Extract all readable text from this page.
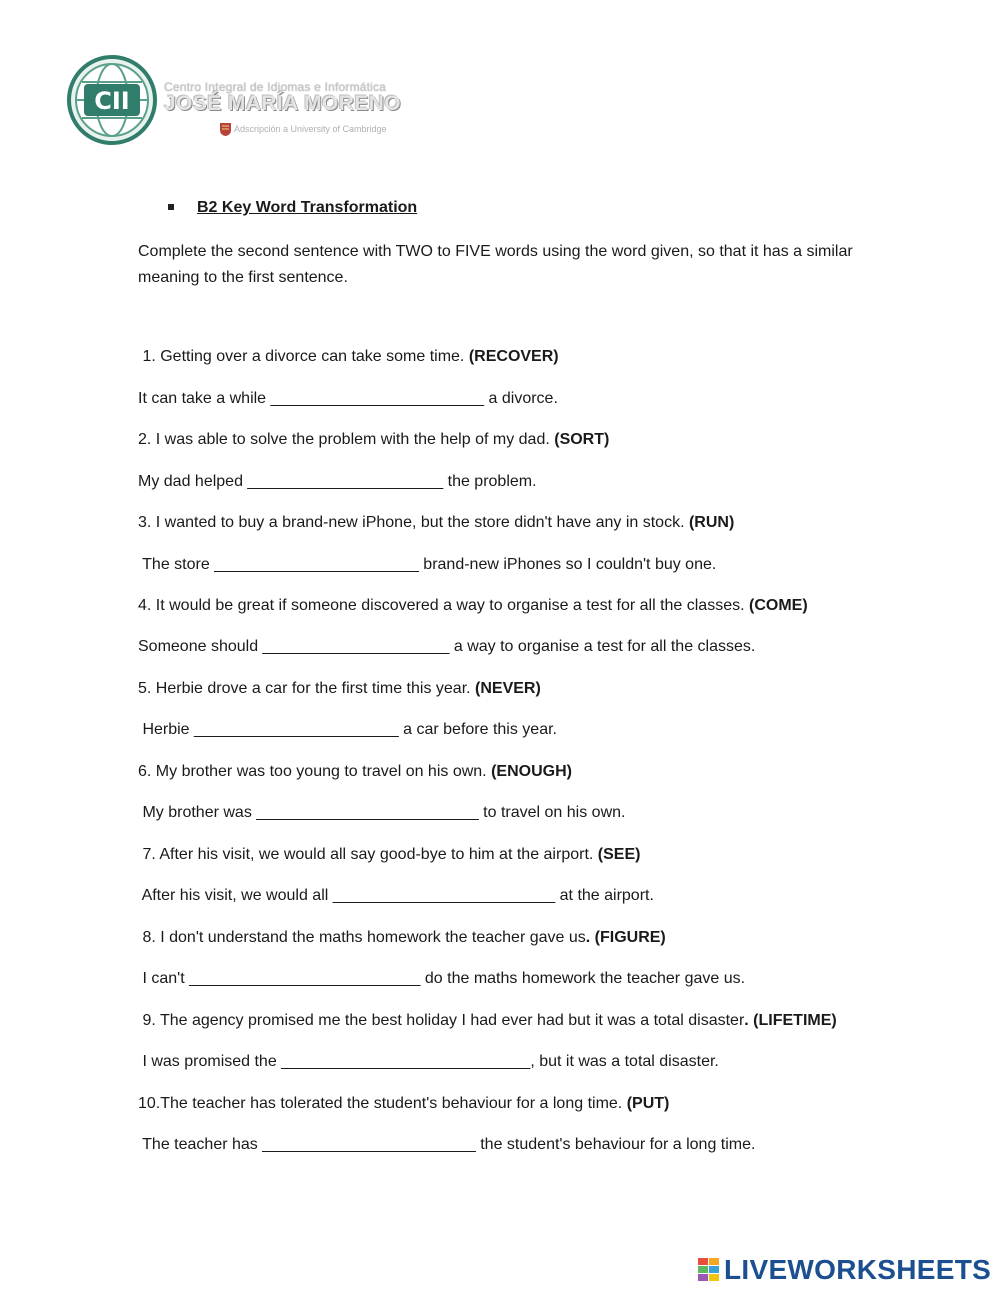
CII	Centro Integral de Idiomas e Informática
JOSÉ MARÍA MORENO
Adscripción a University of Cambridge
B2 Key Word Transformation
Complete the second sentence with TWO to FIVE words using the word given, so that it has a similar meaning to the first sentence.
1. Getting over a divorce can take some time. (RECOVER)
It can take a while ________________________ a divorce.
2. I was able to solve the problem with the help of my dad. (SORT)
My dad helped ______________________ the problem.
3. I wanted to buy a brand-new iPhone, but the store didn't have any in stock. (RUN)
The store _______________________ brand-new iPhones so I couldn't buy one.
4. It would be great if someone discovered a way to organise a test for all the classes. (COME)
Someone should _____________________ a way to organise a test for all the classes.
5. Herbie drove a car for the first time this year. (NEVER)
Herbie _______________________ a car before this year.
6. My brother was too young to travel on his own. (ENOUGH)
My brother was _________________________ to travel on his own.
7. After his visit, we would all say good-bye to him at the airport. (SEE)
After his visit, we would all _________________________ at the airport.
8. I don't understand the maths homework the teacher gave us. (FIGURE)
I can't __________________________ do the maths homework the teacher gave us.
9. The agency promised me the best holiday I had ever had but it was a total disaster. (LIFETIME)
I was promised the ____________________________, but it was a total disaster.
10.The teacher has tolerated the student's behaviour for a long time. (PUT)
The teacher has ________________________ the student's behaviour for a long time.
LIVEWORKSHEETS
